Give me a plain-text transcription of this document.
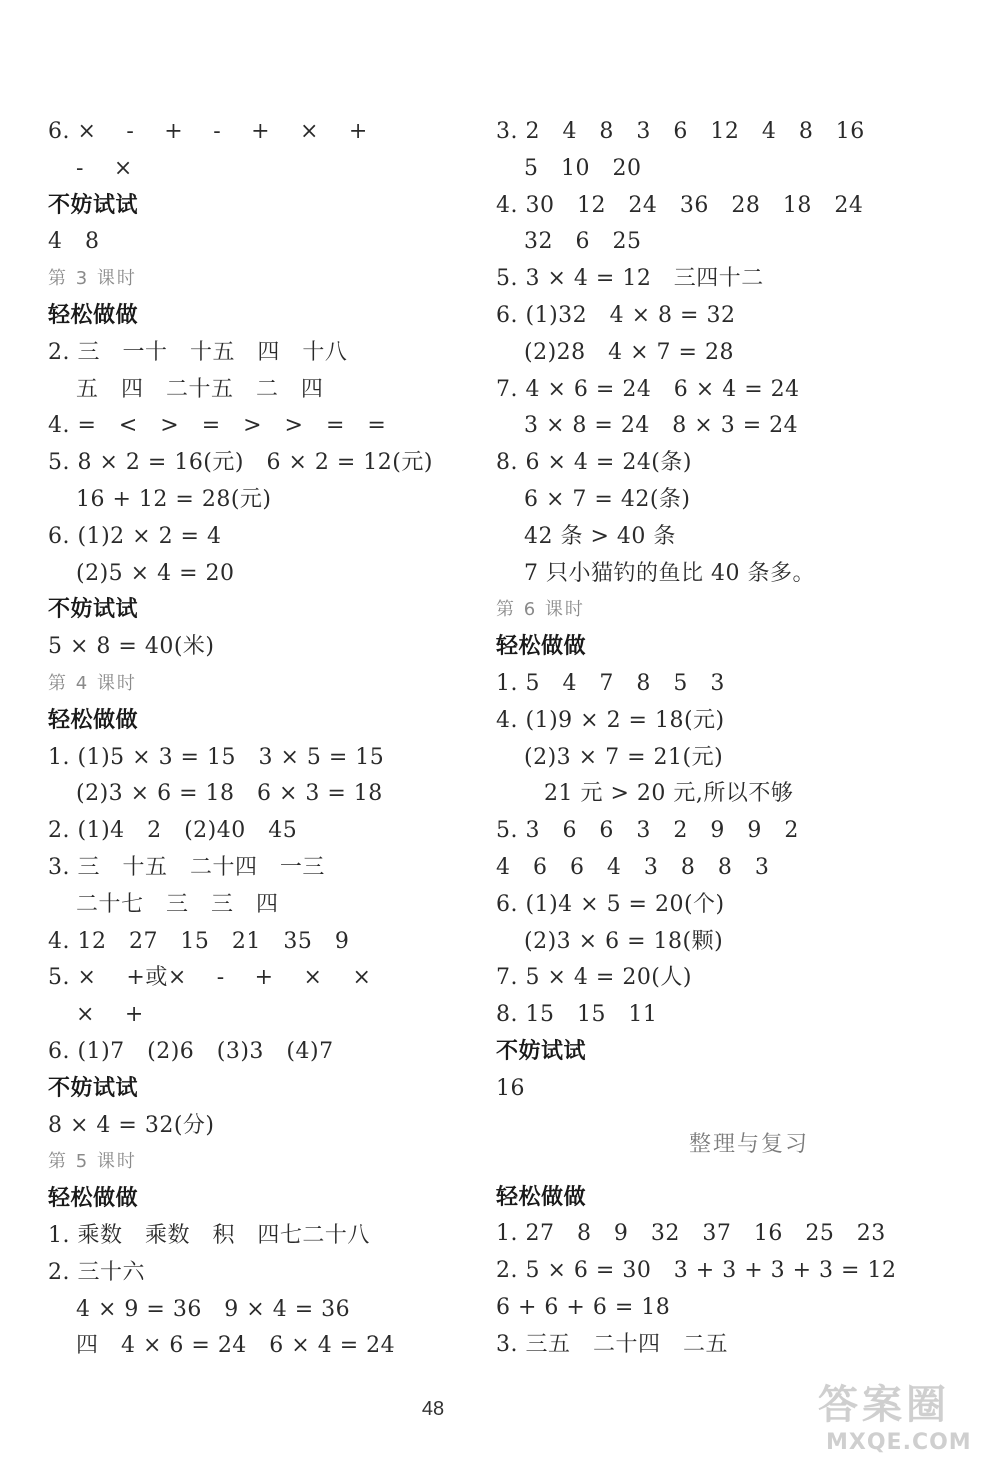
6. ×    -    +    -    +    ×    +
-    ×
不妨试试
4   8
第 3 课时
轻松做做
2. 三   一十   十五   四   十八
五   四   二十五   二   四
4. =   <   >   =   >   >   =   =
5. 8 × 2 = 16(元)   6 × 2 = 12(元)
16 + 12 = 28(元)
6. (1)2 × 2 = 4
(2)5 × 4 = 20
不妨试试
5 × 8 = 40(米)
第 4 课时
轻松做做
1. (1)5 × 3 = 15   3 × 5 = 15
(2)3 × 6 = 18   6 × 3 = 18
2. (1)4   2   (2)40   45
3. 三   十五   二十四   一三
二十七   三   三   四
4. 12   27   15   21   35   9
5. ×    +或×    -    +    ×    ×
×    +
6. (1)7   (2)6   (3)3   (4)7
不妨试试
8 × 4 = 32(分)
第 5 课时
轻松做做
1. 乘数   乘数   积   四七二十八
2. 三十六
4 × 9 = 36   9 × 4 = 36
四   4 × 6 = 24   6 × 4 = 24
3. 2   4   8   3   6   12   4   8   16
5   10   20
4. 30   12   24   36   28   18   24
32   6   25
5. 3 × 4 = 12   三四十二
6. (1)32   4 × 8 = 32
(2)28   4 × 7 = 28
7. 4 × 6 = 24   6 × 4 = 24
3 × 8 = 24   8 × 3 = 24
8. 6 × 4 = 24(条)
6 × 7 = 42(条)
42 条 > 40 条
7 只小猫钓的鱼比 40 条多。
第 6 课时
轻松做做
1. 5   4   7   8   5   3
4. (1)9 × 2 = 18(元)
(2)3 × 7 = 21(元)
21 元 > 20 元,所以不够
5. 3   6   6   3   2   9   9   2
4   6   6   4   3   8   8   3
6. (1)4 × 5 = 20(个)
(2)3 × 6 = 18(颗)
7. 5 × 4 = 20(人)
8. 15   15   11
不妨试试
16
整理与复习
轻松做做
1. 27   8   9   32   37   16   25   23
2. 5 × 6 = 30   3 + 3 + 3 + 3 = 12
6 + 6 + 6 = 18
3. 三五   二十四   二五
48	答案圈
MXQE.COM
